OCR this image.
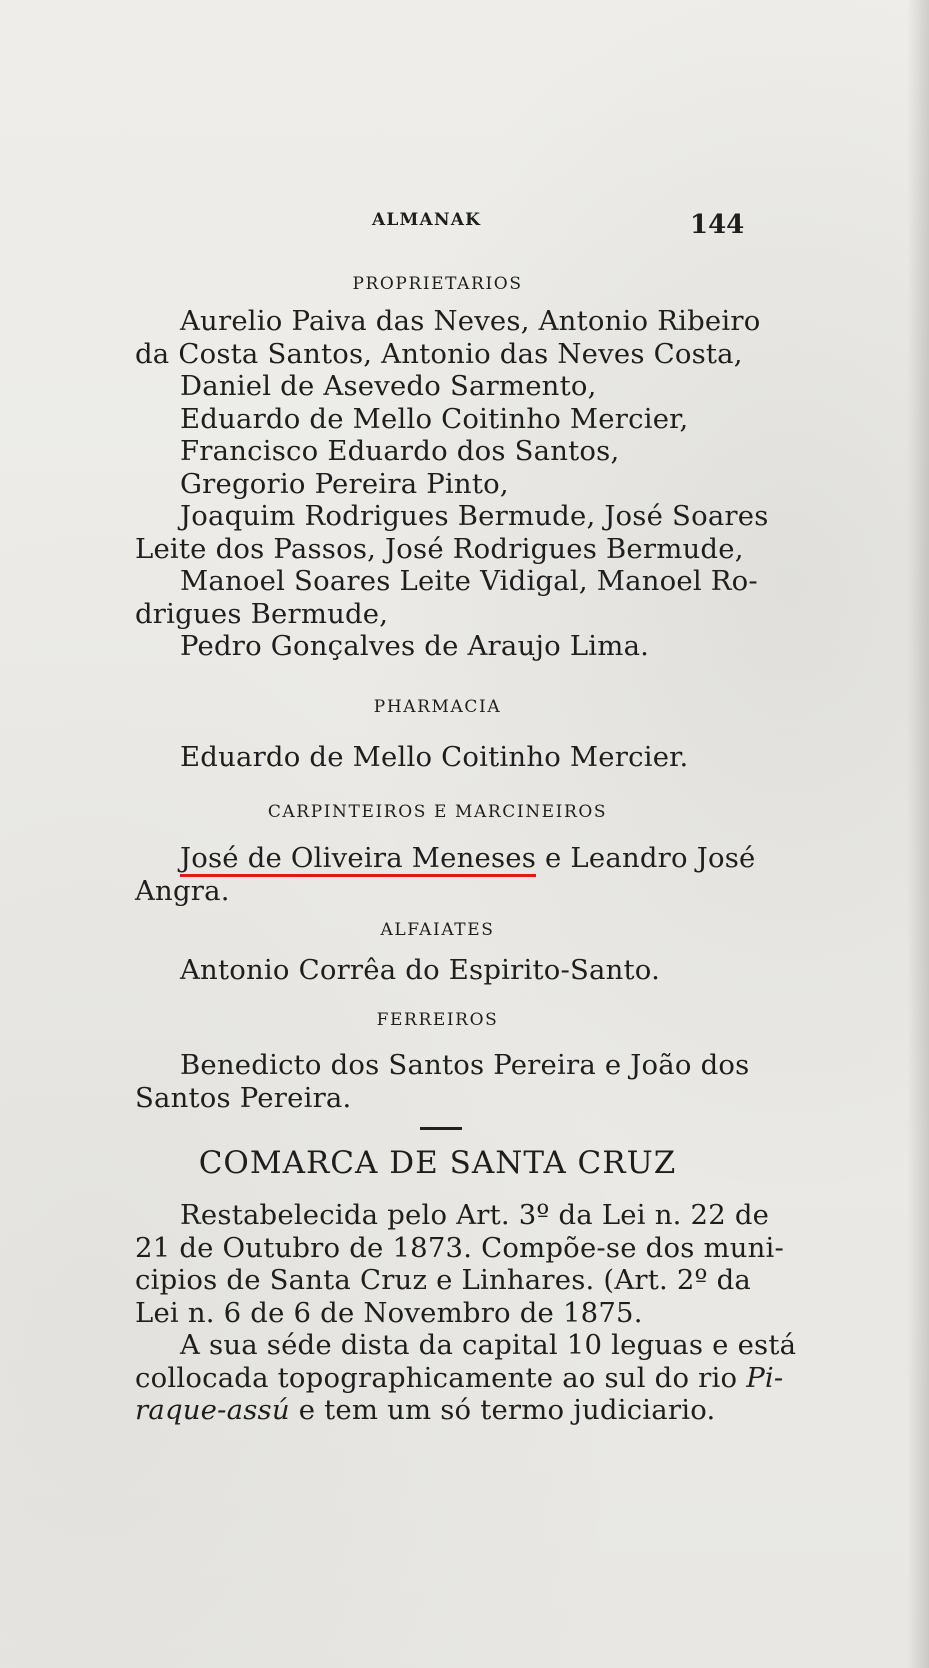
ALMANAK	144
PROPRIETARIOS
Aurelio Paiva das Neves, Antonio Ribeiro
da Costa Santos, Antonio das Neves Costa,
Daniel de Asevedo Sarmento,
Eduardo de Mello Coitinho Mercier,
Francisco Eduardo dos Santos,
Gregorio Pereira Pinto,
Joaquim Rodrigues Bermude, José Soares
Leite dos Passos, José Rodrigues Bermude,
Manoel Soares Leite Vidigal, Manoel Ro-
drigues Bermude,
Pedro Gonçalves de Araujo Lima.
PHARMACIA
Eduardo de Mello Coitinho Mercier.
CARPINTEIROS E MARCINEIROS
José de Oliveira Meneses e Leandro José
Angra.
ALFAIATES
Antonio Corrêa do Espirito-Santo.
FERREIROS
Benedicto dos Santos Pereira e João dos
Santos Pereira.
COMARCA DE SANTA CRUZ
Restabelecida pelo Art. 3º da Lei n. 22 de
21 de Outubro de 1873. Compõe-se dos muni-
cipios de Santa Cruz e Linhares. (Art. 2º da
Lei n. 6 de 6 de Novembro de 1875.
A sua séde dista da capital 10 leguas e está
collocada topographicamente ao sul do rio Pi-
raque-assú e tem um só termo judiciario.
